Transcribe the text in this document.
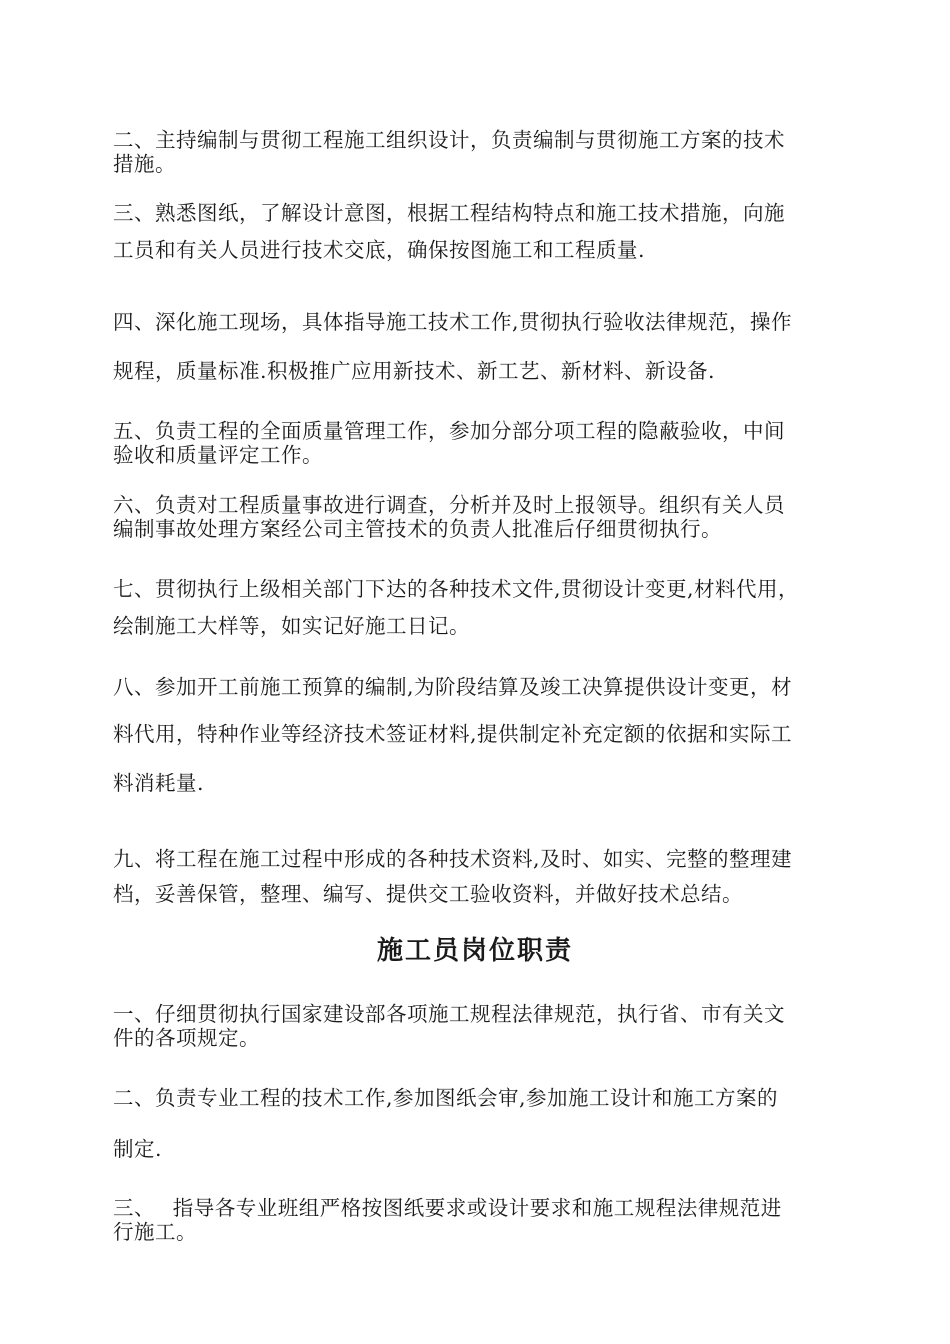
二、主持编制与贯彻工程施工组织设计，负责编制与贯彻施工方案的技术
措施。
三、熟悉图纸，了解设计意图，根据工程结构特点和施工技术措施，向施
工员和有关人员进行技术交底，确保按图施工和工程质量.
四、深化施工现场，具体指导施工技术工作,贯彻执行验收法律规范，操作
规程，质量标准.积极推广应用新技术、新工艺、新材料、新设备.
五、负责工程的全面质量管理工作，参加分部分项工程的隐蔽验收，中间
验收和质量评定工作。
六、负责对工程质量事故进行调查，分析并及时上报领导。组织有关人员
编制事故处理方案经公司主管技术的负责人批准后仔细贯彻执行。
七、贯彻执行上级相关部门下达的各种技术文件,贯彻设计变更,材料代用，
绘制施工大样等，如实记好施工日记。
八、参加开工前施工预算的编制,为阶段结算及竣工决算提供设计变更，材
料代用，特种作业等经济技术签证材料,提供制定补充定额的依据和实际工
料消耗量.
九、将工程在施工过程中形成的各种技术资料,及时、如实、完整的整理建
档，妥善保管，整理、编写、提供交工验收资料，并做好技术总结。
施工员岗位职责
一、仔细贯彻执行国家建设部各项施工规程法律规范，执行省、市有关文
件的各项规定。
二、负责专业工程的技术工作,参加图纸会审,参加施工设计和施工方案的
制定.
三、　 指导各专业班组严格按图纸要求或设计要求和施工规程法律规范进
行施工。
